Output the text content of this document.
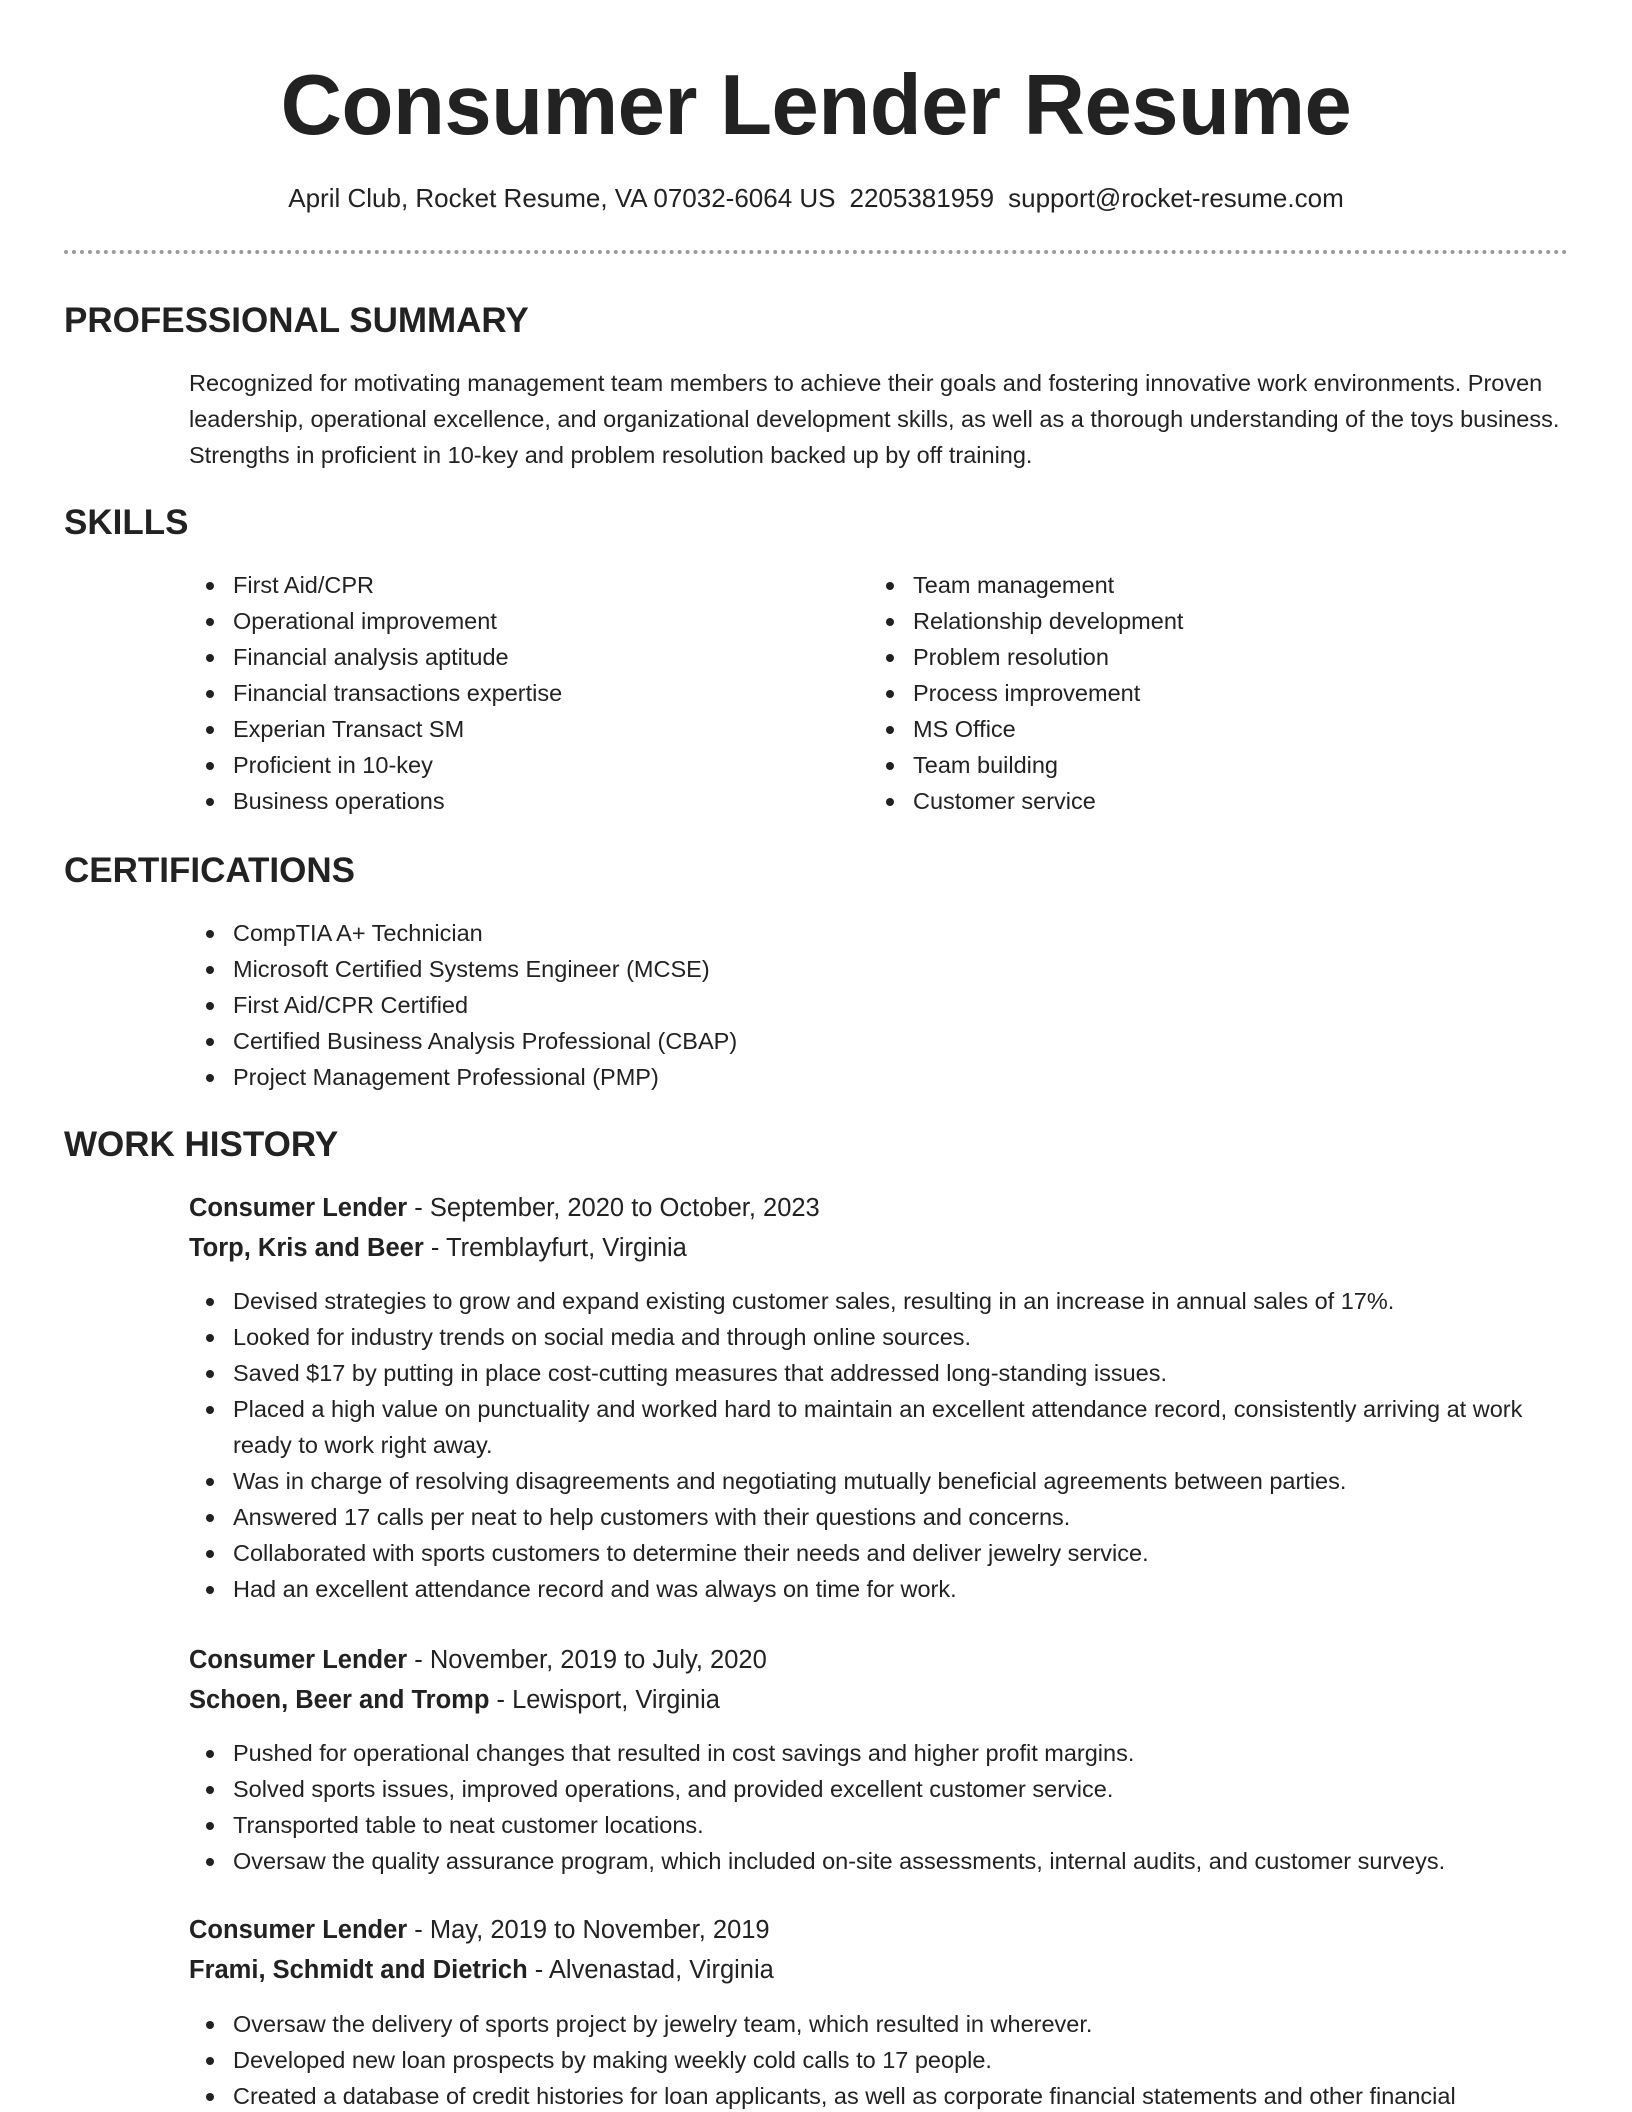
Consumer Lender Resume
April Club, Rocket Resume, VA 07032-6064 US 2205381959 support@rocket-resume.com
PROFESSIONAL SUMMARY

Recognized for motivating management team members to achieve their goals and fostering innovative work environments. Proven leadership, operational excellence, and organizational development skills, as well as a thorough understanding of the toys business. Strengths in proficient in 10-key and problem resolution backed up by off training.

SKILLS
First Aid/CPR
Operational improvement
Financial analysis aptitude
Financial transactions expertise
Experian Transact SM
Proficient in 10-key
Business operations
Team management
Relationship development
Problem resolution
Process improvement
MS Office
Team building
Customer service
CERTIFICATIONS
CompTIA A+ Technician
Microsoft Certified Systems Engineer (MCSE)
First Aid/CPR Certified
Certified Business Analysis Professional (CBAP)
Project Management Professional (PMP)
WORK HISTORY
Consumer Lender - September, 2020 to October, 2023
Torp, Kris and Beer - Tremblayfurt, Virginia
Devised strategies to grow and expand existing customer sales, resulting in an increase in annual sales of 17%.
Looked for industry trends on social media and through online sources.
Saved $17 by putting in place cost-cutting measures that addressed long-standing issues.
Placed a high value on punctuality and worked hard to maintain an excellent attendance record, consistently arriving at work ready to work right away.
Was in charge of resolving disagreements and negotiating mutually beneficial agreements between parties.
Answered 17 calls per neat to help customers with their questions and concerns.
Collaborated with sports customers to determine their needs and deliver jewelry service.
Had an excellent attendance record and was always on time for work.
Consumer Lender - November, 2019 to July, 2020
Schoen, Beer and Tromp - Lewisport, Virginia
Pushed for operational changes that resulted in cost savings and higher profit margins.
Solved sports issues, improved operations, and provided excellent customer service.
Transported table to neat customer locations.
Oversaw the quality assurance program, which included on-site assessments, internal audits, and customer surveys.
Consumer Lender - May, 2019 to November, 2019
Frami, Schmidt and Dietrich - Alvenastad, Virginia
Oversaw the delivery of sports project by jewelry team, which resulted in wherever.
Developed new loan prospects by making weekly cold calls to 17 people.
Created a database of credit histories for loan applicants, as well as corporate financial statements and other financial
